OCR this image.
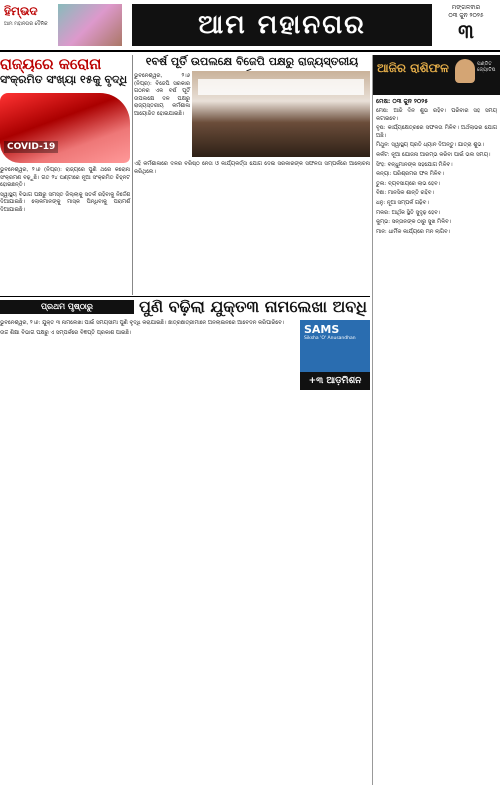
ହିମ୍ଭଦ
ଆମ ମହାନଗର ଦୈନିକ	ଆମ ମହାନଗର
ମଙ୍ଗଳବାର
୦୩ ଜୁନ ୨୦୨୫
୩
ରାଜ୍ୟରେ କରୋନା
ସଂକ୍ରମିତ ସଂଖ୍ୟା ୧୫କୁ ବୃଦ୍ଧି
COVID-19

ଭୁବନେଶ୍ୱର, ୨।୬ (ନିପ୍ର): ରାଜ୍ୟରେ ପୁଣି ଥରେ କରୋନା ସଂକ୍ରମଣ ବଢ଼ୁଛି। ଗତ ୨୪ ଘଣ୍ଟାରେ ନୂଆ ସଂକ୍ରମିତ ଚିହ୍ନଟ ହୋଇଛନ୍ତି।

ସ୍ୱାସ୍ଥ୍ୟ ବିଭାଗ ପକ୍ଷରୁ ସମସ୍ତ ଜିଲ୍ଲାକୁ ସତର୍କ ରହିବାକୁ ନିର୍ଦ୍ଦେଶ ଦିଆଯାଇଛି। ଲୋକମାନଙ୍କୁ ମାସ୍କ ପିନ୍ଧିବାକୁ ପରାମର୍ଶ ଦିଆଯାଇଛି।

୧ବର୍ଷ ପୂର୍ତି ଉପଲକ୍ଷେ ବିଜେପି ପକ୍ଷରୁ ରାଜ୍ୟସ୍ତରୀୟ

ଭୁବନେଶ୍ୱର, ୨।୬ (ନିପ୍ର): ବିଜେପି ସରକାର ଗଠନର ଏକ ବର୍ଷ ପୂର୍ତି ଉପଲକ୍ଷେ ଦଳ ପକ୍ଷରୁ ରାଜ୍ୟସ୍ତରୀୟ କର୍ମଶାଳା ଆୟୋଜିତ ହୋଇଯାଇଛି।

ଏହି କର୍ମଶାଳାରେ ଦଳର ବରିଷ୍ଠ ନେତା ଓ କାର୍ଯ୍ୟକର୍ତ୍ତା ଯୋଗ ଦେଇ ସରକାରଙ୍କ ସଫଳତା ସମ୍ପର୍କରେ ଆଲୋଚନା କରିଥିଲେ।

ପ୍ରଥମ ପୃଷ୍ଠାରୁ	ପୁଣି ବଢ଼ିଲା ଯୁକ୍ତ୩ ନାମଲେଖା ଅବଧି

ଭୁବନେଶ୍ୱର, ୨।୬: ଯୁକ୍ତ ୩ ନାମଲେଖା ପାଇଁ ସମୟସୀମା ପୁଣି ବୃଦ୍ଧି କରାଯାଇଛି। ଛାତ୍ରଛାତ୍ରୀମାନେ ଅନଲାଇନରେ ଆବେଦନ କରିପାରିବେ।

ଉଚ୍ଚ ଶିକ୍ଷା ବିଭାଗ ପକ୍ଷରୁ ଏ ସମ୍ପର୍କରେ ବିଜ୍ଞପ୍ତି ପ୍ରକାଶ ପାଇଛି।	SAMS
Siksha 'O' Anusandhan
+୩ ଆଡ଼ମିଶନ
ଆଜିର ରାଶିଫଳ	ପଣ୍ଡିତ ଜ୍ୟୋତିଷ
ମେଷ: ୦୩ ଜୁନ ୨୦୨୫

ମେଷ: ଆଜି ଦିନ ଶୁଭ ରହିବ। ପରିବାର ସହ ସମୟ କଟାଇବେ।

ବୃଷ: କାର୍ଯ୍ୟକ୍ଷେତ୍ରରେ ସଫଳତା ମିଳିବ। ଅର୍ଥଲାଭର ଯୋଗ ଅଛି।

ମିଥୁନ: ସ୍ୱାସ୍ଥ୍ୟ ପ୍ରତି ଧ୍ୟାନ ଦିଅନ୍ତୁ। ଯାତ୍ରା ଶୁଭ।

କର୍କଟ: ନୂଆ ଯୋଜନା ଆରମ୍ଭ କରିବା ପାଇଁ ଭଲ ସମୟ।

ସିଂହ: ବନ୍ଧୁମାନଙ୍କ ସହଯୋଗ ମିଳିବ।

କନ୍ୟା: ପରିଶ୍ରମର ଫଳ ମିଳିବ।

ତୁଳା: ବ୍ୟବସାୟରେ ଲାଭ ହେବ।

ବିଛା: ମାନସିକ ଶାନ୍ତି ରହିବ।

ଧନୁ: ନୂଆ ସମ୍ପର୍କ ଗଢ଼ିବ।

ମକର: ଆର୍ଥିକ ସ୍ଥିତି ସୁଦୃଢ଼ ହେବ।

କୁମ୍ଭ: ସନ୍ତାନଙ୍କ ଠାରୁ ସୁଖ ମିଳିବ।

ମୀନ: ଧାର୍ମିକ କାର୍ଯ୍ୟରେ ମନ ଲାଗିବ।
